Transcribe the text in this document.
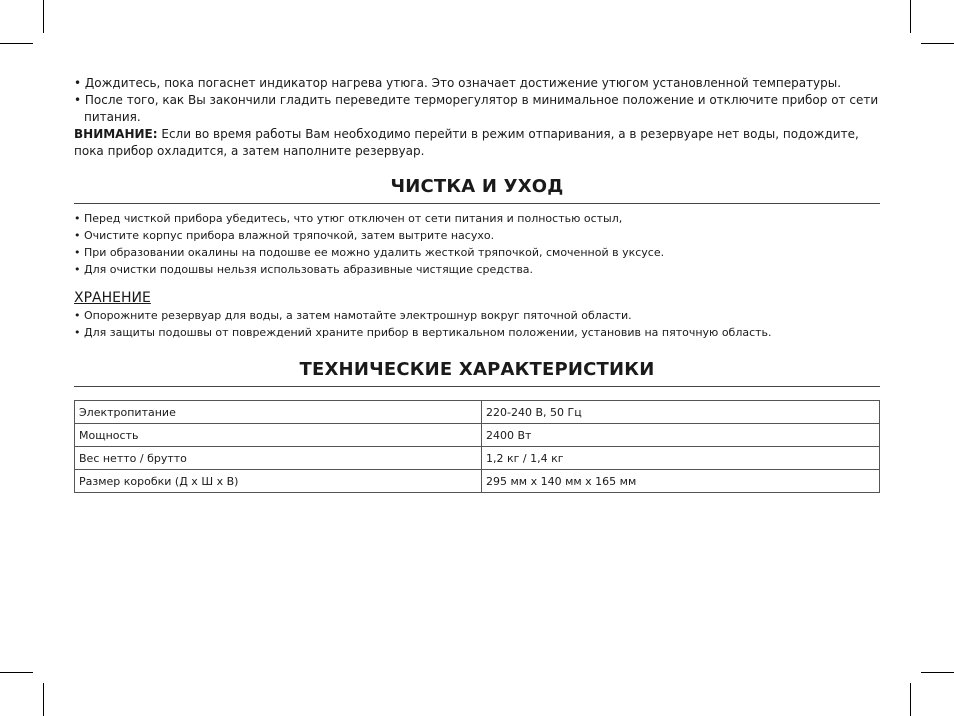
• Дождитесь, пока погаснет индикатор нагрева утюга. Это означает достижение утюгом установленной температуры.

• После того, как Вы закончили гладить переведите терморегулятор в минимальное положение и отключите прибор от сети

питания.

ВНИМАНИЕ: Если во время работы Вам необходимо перейти в режим отпаривания, а в резервуаре нет воды, подождите,

пока прибор охладится, а затем наполните резервуар.

ЧИСТКА И УХОД

• Перед чисткой прибора убедитесь, что утюг отключен от сети питания и полностью остыл,

• Очистите корпус прибора влажной тряпочкой, затем вытрите насухо.

• При образовании окалины на подошве ее можно удалить жесткой тряпочкой, смоченной в уксусе.

• Для очистки подошвы нельзя использовать абразивные чистящие средства.

ХРАНЕНИЕ

• Опорожните резервуар для воды, а затем намотайте электрошнур вокруг пяточной области.

• Для защиты подошвы от повреждений храните прибор в вертикальном положении, установив на пяточную область.

ТЕХНИЧЕСКИЕ ХАРАКТЕРИСТИКИ
Электропитание	220-240 В, 50 Гц
Мощность	2400 Вт
Вес нетто / брутто	1,2 кг / 1,4 кг
Размер коробки (Д х Ш х В)	295 мм х 140 мм х 165 мм
